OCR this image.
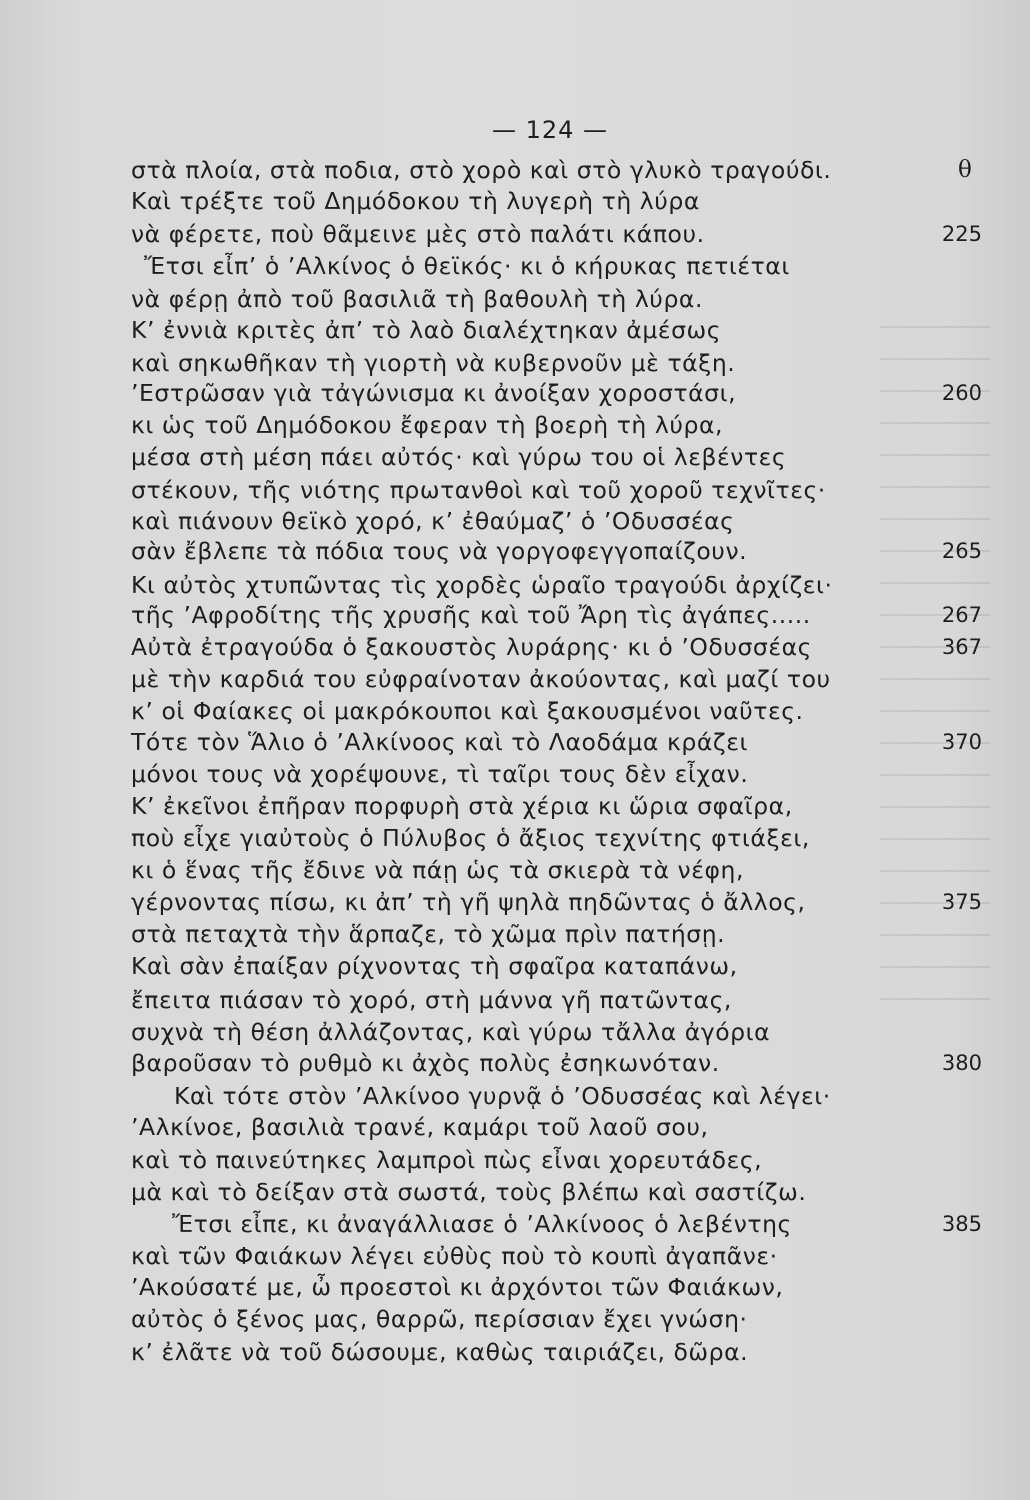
— 124 —
στὰ πλοία, στὰ ποδια, στὸ χορὸ καὶ στὸ γλυκὸ τραγούδι.	θ
Καὶ τρέξτε τοῦ Δημόδοκου τὴ λυγερὴ τὴ λύρα
νὰ φέρετε, ποὺ θᾶμεινε μὲς στὸ παλάτι κάπου.	225
Ἔτσι εἶπ’ ὁ ’Αλκίνος ὁ θεϊκός· κι ὁ κήρυκας πετιέται
νὰ φέρῃ ἀπὸ τοῦ βασιλιᾶ τὴ βαθουλὴ τὴ λύρα.
Κ’ ἐννιὰ κριτὲς ἀπ’ τὸ λαὸ διαλέχτηκαν ἀμέσως
καὶ σηκωθῆκαν τὴ γιορτὴ νὰ κυβερνοῦν μὲ τάξη.
’Εστρῶσαν γιὰ τἀγώνισμα κι ἀνοίξαν χοροστάσι,	260
κι ὡς τοῦ Δημόδοκου ἔφεραν τὴ βοερὴ τὴ λύρα,
μέσα στὴ μέση πάει αὐτός· καὶ γύρω του οἱ λεβέντες
στέκουν, τῆς νιότης πρωτανθοὶ καὶ τοῦ χοροῦ τεχνῖτες·
καὶ πιάνουν θεϊκὸ χορό, κ’ ἐθαύμαζ’ ὁ ’Οδυσσέας
σὰν ἔβλεπε τὰ πόδια τους νὰ γοργοφεγγοπαίζουν.	265
Κι αὐτὸς χτυπῶντας τὶς χορδὲς ὡραῖο τραγούδι ἀρχίζει·
τῆς ’Αφροδίτης τῆς χρυσῆς καὶ τοῦ Ἄρη τὶς ἀγάπες.....	267
Αὐτὰ ἐτραγούδα ὁ ξακουστὸς λυράρης· κι ὁ ’Οδυσσέας	367
μὲ τὴν καρδιά του εὐφραίνοταν ἀκούοντας, καὶ μαζί του
κ’ οἱ Φαίακες οἱ μακρόκουποι καὶ ξακουσμένοι ναῦτες.
Τότε τὸν Ἅλιο ὁ ’Αλκίνοος καὶ τὸ Λαοδάμα κράζει	370
μόνοι τους νὰ χορέψουνε, τὶ ταῖρι τους δὲν εἶχαν.
Κ’ ἐκεῖνοι ἐπῆραν πορφυρὴ στὰ χέρια κι ὥρια σφαῖρα,
ποὺ εἶχε γιαὐτοὺς ὁ Πύλυβος ὁ ἄξιος τεχνίτης φτιάξει,
κι ὁ ἕνας τῆς ἔδινε νὰ πάῃ ὡς τὰ σκιερὰ τὰ νέφη,
γέρνοντας πίσω, κι ἀπ’ τὴ γῆ ψηλὰ πηδῶντας ὁ ἄλλος,	375
στὰ πεταχτὰ τὴν ἅρπαζε, τὸ χῶμα πρὶν πατήσῃ.
Καὶ σὰν ἐπαίξαν ρίχνοντας τὴ σφαῖρα καταπάνω,
ἔπειτα πιάσαν τὸ χορό, στὴ μάννα γῆ πατῶντας,
συχνὰ τὴ θέση ἀλλάζοντας, καὶ γύρω τἄλλα ἀγόρια
βαροῦσαν τὸ ρυθμὸ κι ἀχὸς πολὺς ἐσηκωνόταν.	380
Καὶ τότε στὸν ’Αλκίνοο γυρνᾷ ὁ ’Οδυσσέας καὶ λέγει·
’Αλκίνοε, βασιλιὰ τρανέ, καμάρι τοῦ λαοῦ σου,
καὶ τὸ παινεύτηκες λαμπροὶ πὼς εἶναι χορευτάδες,
μὰ καὶ τὸ δείξαν στὰ σωστά, τοὺς βλέπω καὶ σαστίζω.
Ἔτσι εἶπε, κι ἀναγάλλιασε ὁ ’Αλκίνοος ὁ λεβέντης	385
καὶ τῶν Φαιάκων λέγει εὐθὺς ποὺ τὸ κουπὶ ἀγαπᾶνε·
’Ακούσατέ με, ὦ προεστοὶ κι ἀρχόντοι τῶν Φαιάκων,
αὐτὸς ὁ ξένος μας, θαρρῶ, περίσσιαν ἔχει γνώση·
κ’ ἐλᾶτε νὰ τοῦ δώσουμε, καθὼς ταιριάζει, δῶρα.
